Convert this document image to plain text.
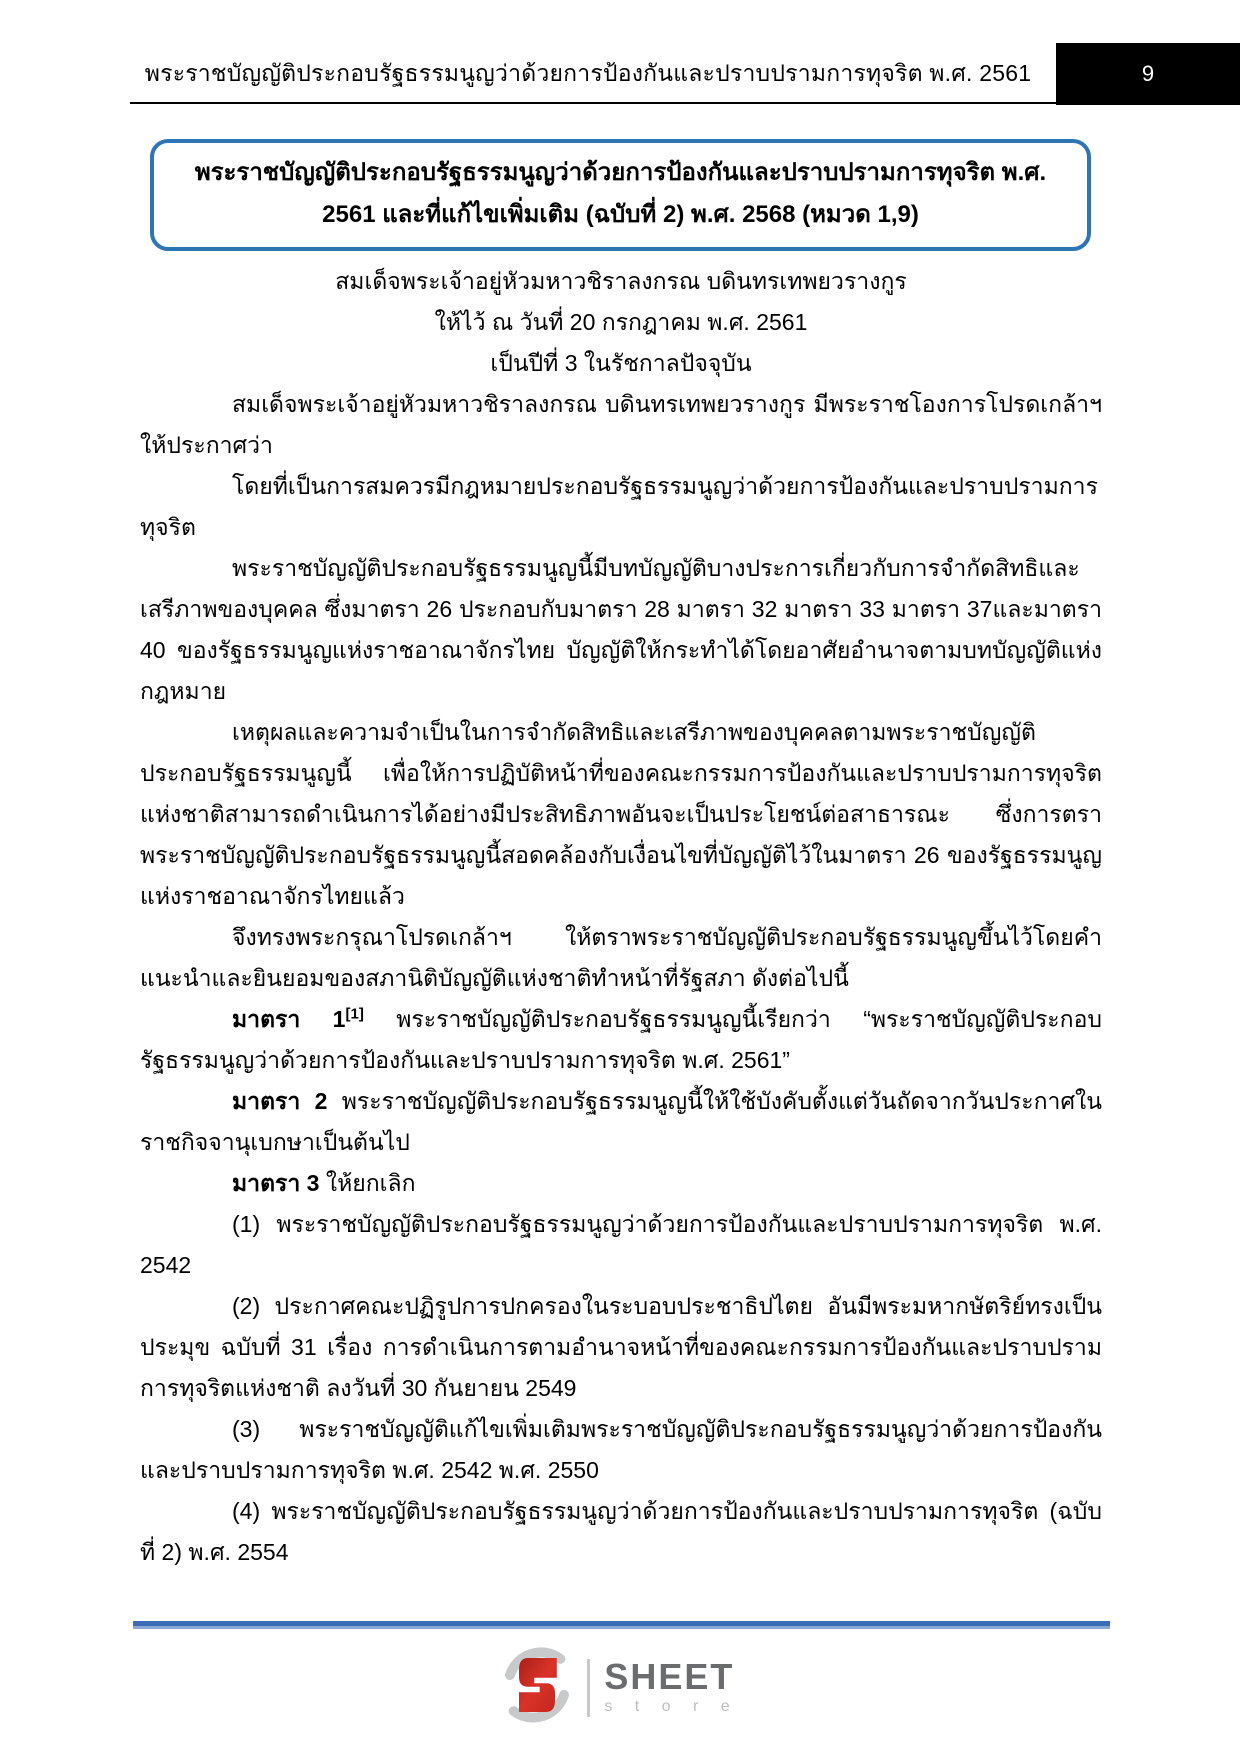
พระราชบัญญัติประกอบรัฐธรรมนูญว่าด้วยการป้องกันและปราบปรามการทุจริต พ.ศ. 2561	9
พระราชบัญญัติประกอบรัฐธรรมนูญว่าด้วยการป้องกันและปราบปรามการทุจริต พ.ศ. 2561 และที่แก้ไขเพิ่มเติม (ฉบับที่ 2) พ.ศ. 2568 (หมวด 1,9)

สมเด็จพระเจ้าอยู่หัวมหาวชิราลงกรณ บดินทรเทพยวรางกูร

ให้ไว้ ณ วันที่ 20 กรกฎาคม พ.ศ. 2561

เป็นปีที่ 3 ในรัชกาลปัจจุบัน

สมเด็จพระเจ้าอยู่หัวมหาวชิราลงกรณ บดินทรเทพยวรางกูร มีพระราชโองการโปรดเกล้าฯให้ประกาศว่า

โดยที่เป็นการสมควรมีกฎหมายประกอบรัฐธรรมนูญว่าด้วยการป้องกันและปราบปรามการทุจริต

พระราชบัญญัติประกอบรัฐธรรมนูญนี้มีบทบัญญัติบางประการเกี่ยวกับการจำกัดสิทธิและเสรีภาพของบุคคล ซึ่งมาตรา 26 ประกอบกับมาตรา 28 มาตรา 32 มาตรา 33 มาตรา 37และมาตรา 40 ของรัฐธรรมนูญแห่งราชอาณาจักรไทย บัญญัติให้กระทำได้โดยอาศัยอำนาจตามบทบัญญัติแห่งกฎหมาย

เหตุผลและความจำเป็นในการจำกัดสิทธิและเสรีภาพของบุคคลตามพระราชบัญญัติประกอบรัฐธรรมนูญนี้ เพื่อให้การปฏิบัติหน้าที่ของคณะกรรมการป้องกันและปราบปรามการทุจริตแห่งชาติสามารถดำเนินการได้อย่างมีประสิทธิภาพอันจะเป็นประโยชน์ต่อสาธารณะ ซึ่งการตราพระราชบัญญัติประกอบรัฐธรรมนูญนี้สอดคล้องกับเงื่อนไขที่บัญญัติไว้ในมาตรา 26 ของรัฐธรรมนูญแห่งราชอาณาจักรไทยแล้ว

จึงทรงพระกรุณาโปรดเกล้าฯ ให้ตราพระราชบัญญัติประกอบรัฐธรรมนูญขึ้นไว้โดยคำแนะนำและยินยอมของสภานิติบัญญัติแห่งชาติทำหน้าที่รัฐสภา ดังต่อไปนี้

มาตรา 1[1] พระราชบัญญัติประกอบรัฐธรรมนูญนี้เรียกว่า “พระราชบัญญัติประกอบรัฐธรรมนูญว่าด้วยการป้องกันและปราบปรามการทุจริต พ.ศ. 2561”

มาตรา 2 พระราชบัญญัติประกอบรัฐธรรมนูญนี้ให้ใช้บังคับตั้งแต่วันถัดจากวันประกาศในราชกิจจานุเบกษาเป็นต้นไป

มาตรา 3 ให้ยกเลิก

(1) พระราชบัญญัติประกอบรัฐธรรมนูญว่าด้วยการป้องกันและปราบปรามการทุจริต พ.ศ. 2542

(2) ประกาศคณะปฏิรูปการปกครองในระบอบประชาธิปไตย อันมีพระมหากษัตริย์ทรงเป็นประมุข ฉบับที่ 31 เรื่อง การดำเนินการตามอำนาจหน้าที่ของคณะกรรมการป้องกันและปราบปรามการทุจริตแห่งชาติ ลงวันที่ 30 กันยายน 2549

(3) พระราชบัญญัติแก้ไขเพิ่มเติมพระราชบัญญัติประกอบรัฐธรรมนูญว่าด้วยการป้องกันและปราบปรามการทุจริต พ.ศ. 2542 พ.ศ. 2550

(4) พระราชบัญญัติประกอบรัฐธรรมนูญว่าด้วยการป้องกันและปราบปรามการทุจริต (ฉบับที่ 2) พ.ศ. 2554

SHEET
s t o r e
